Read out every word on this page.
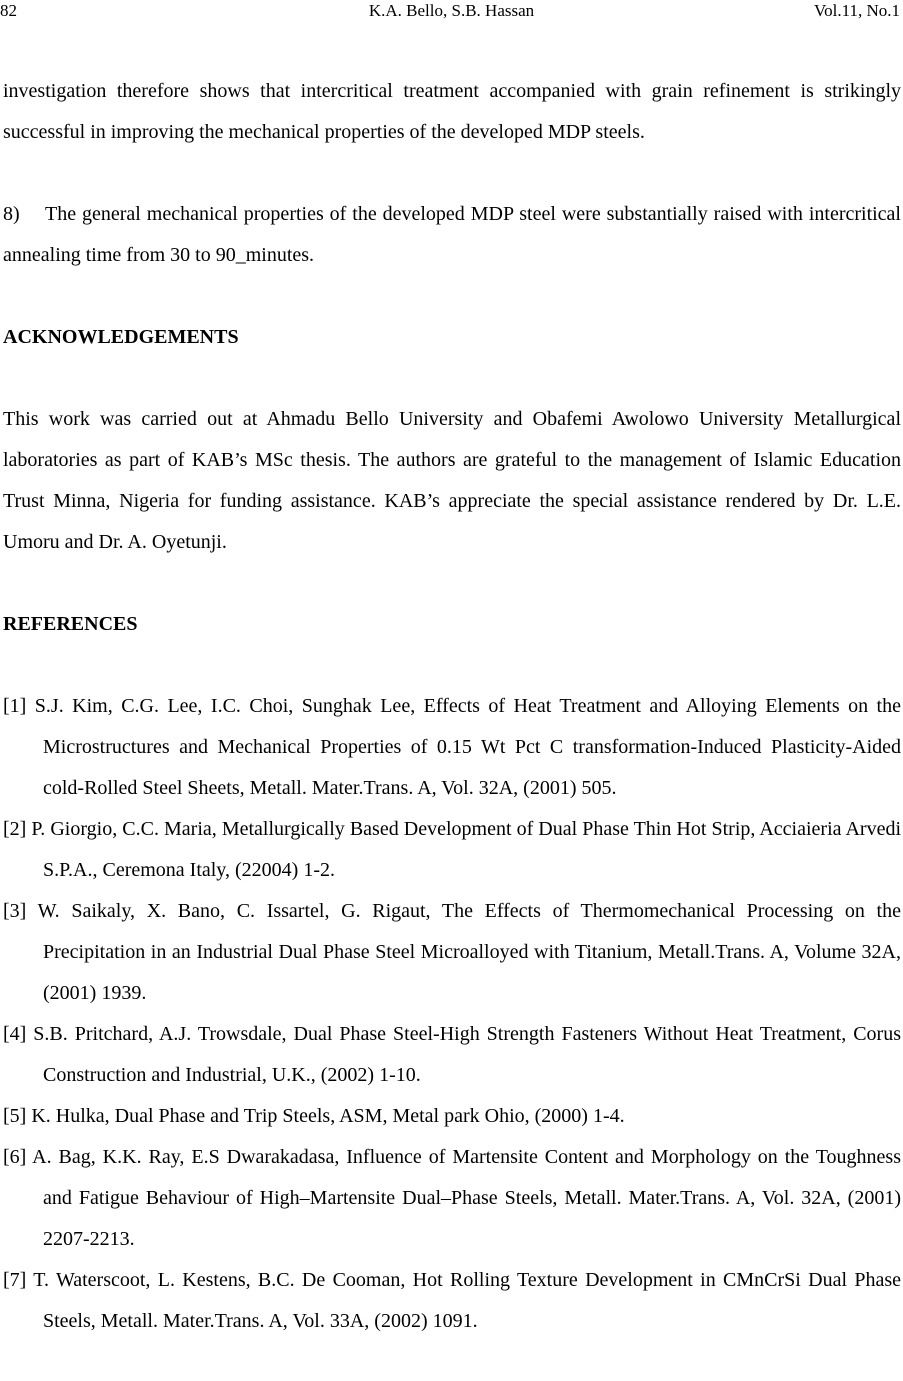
82	K.A. Bello, S.B. Hassan	Vol.11, No.1

investigation therefore shows that intercritical treatment accompanied with grain refinement is strikingly successful in improving the mechanical properties of the developed MDP steels.

8) The general mechanical properties of the developed MDP steel were substantially raised with intercritical annealing time from 30 to 90_minutes.

ACKNOWLEDGEMENTS

This work was carried out at Ahmadu Bello University and Obafemi Awolowo University Metallurgical laboratories as part of KAB’s MSc thesis. The authors are grateful to the management of Islamic Education Trust Minna, Nigeria for funding assistance. KAB’s appreciate the special assistance rendered by Dr. L.E. Umoru and Dr. A. Oyetunji.

REFERENCES
[1] S.J. Kim, C.G. Lee, I.C. Choi, Sunghak Lee, Effects of Heat Treatment and Alloying Elements on the Microstructures and Mechanical Properties of 0.15 Wt Pct C transformation-Induced Plasticity-Aided cold-Rolled Steel Sheets, Metall. Mater.Trans. A, Vol. 32A, (2001) 505.
[2] P. Giorgio, C.C. Maria, Metallurgically Based Development of Dual Phase Thin Hot Strip, Acciaieria Arvedi S.P.A., Ceremona Italy, (22004) 1-2.
[3] W. Saikaly, X. Bano, C. Issartel, G. Rigaut, The Effects of Thermomechanical Processing on the Precipitation in an Industrial Dual Phase Steel Microalloyed with Titanium, Metall.Trans. A, Volume 32A, (2001) 1939.
[4] S.B. Pritchard, A.J. Trowsdale, Dual Phase Steel-High Strength Fasteners Without Heat Treatment, Corus Construction and Industrial, U.K., (2002) 1-10.
[5] K. Hulka, Dual Phase and Trip Steels, ASM, Metal park Ohio, (2000) 1-4.
[6] A. Bag, K.K. Ray, E.S Dwarakadasa, Influence of Martensite Content and Morphology on the Toughness and Fatigue Behaviour of High–Martensite Dual–Phase Steels, Metall. Mater.Trans. A, Vol. 32A, (2001) 2207-2213.
[7] T. Waterscoot, L. Kestens, B.C. De Cooman, Hot Rolling Texture Development in CMnCrSi Dual Phase Steels, Metall. Mater.Trans. A, Vol. 33A, (2002) 1091.
